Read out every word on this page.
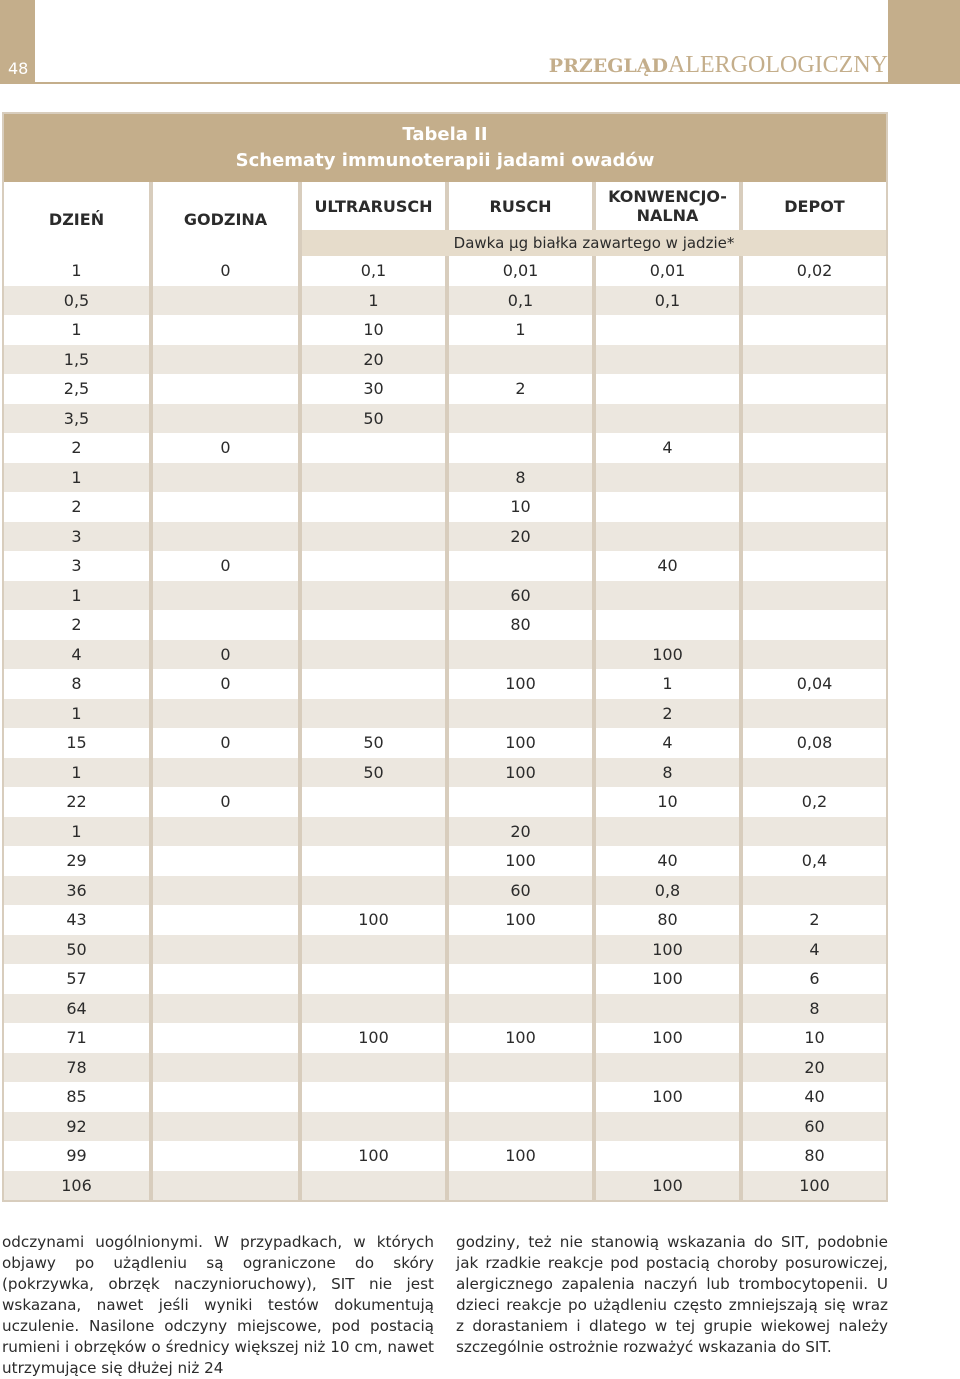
48	PRZEGLĄDALERGOLOGICZNY
Tabela II
Schematy immunoterapii jadami owadów
DZIEŃ	GODZINA	ULTRARUSCH	RUSCH	KONWENCJO-
NALNA	DEPOT
		Dawka µg białka zawartego w jadzie*			
1	0	0,1	0,01	0,01	0,02
0,5		1	0,1	0,1	
1		10	1		
1,5		20			
2,5		30	2		
3,5		50			
2	0			4	
1			8		
2			10		
3			20		
3	0			40	
1			60		
2			80		
4	0			100	
8	0		100	1	0,04
1				2	
15	0	50	100	4	0,08
1		50	100	8	
22	0			10	0,2
1			20		
29			100	40	0,4
36			60	0,8	
43		100	100	80	2
50				100	4
57				100	6
64					8
71		100	100	100	10
78					20
85				100	40
92					60
99		100	100		80
106				100	100
odczynami uogólnionymi. W przypadkach, w których objawy po użądleniu są ograniczone do skóry (pokrzywka, obrzęk naczynioruchowy), SIT nie jest wskazana, nawet jeśli wyniki testów dokumentują uczulenie. Nasilone odczyny miejscowe, pod postacią rumieni i obrzęków o średnicy większej niż 10 cm, nawet utrzymujące się dłużej niż 24
godziny, też nie stanowią wskazania do SIT, podobnie jak rzadkie reakcje pod postacią choroby posurowiczej, alergicznego zapalenia naczyń lub trombocytopenii. U dzieci reakcje po użądleniu często zmniejszają się wraz z dorastaniem i dlatego w tej grupie wiekowej należy szczególnie ostrożnie rozważyć wskazania do SIT.
